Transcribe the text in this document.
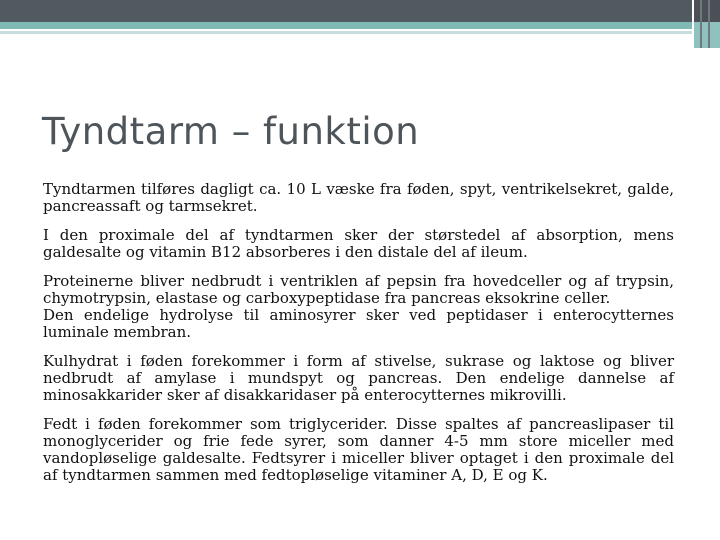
Tyndtarm – funktion

Tyndtarmen tilføres dagligt ca. 10 L væske fra føden, spyt, ventrikelsekret, galde, pancreassaft og tarmsekret.

I den proximale del af tyndtarmen sker der størstedel af absorption, mens galdesalte og vitamin B12 absorberes i den distale del af ileum.

Proteinerne bliver nedbrudt i ventriklen af pepsin fra hovedceller og af trypsin, chymotrypsin, elastase og carboxypeptidase fra pancreas eksokrine celler.
Den endelige hydrolyse til aminosyrer sker ved peptidaser i enterocytternes luminale membran.

Kulhydrat i føden forekommer i form af stivelse, sukrase og laktose og bliver nedbrudt af amylase i mundspyt og pancreas. Den endelige dannelse af minosakkarider sker af disakkaridaser på enterocytternes mikrovilli.

Fedt i føden forekommer som triglycerider. Disse spaltes af pancreaslipaser til monoglycerider og frie fede syrer, som danner 4-5 mm store miceller med vandopløselige galdesalte. Fedtsyrer i miceller bliver optaget i den proximale del af tyndtarmen sammen med fedtopløselige vitaminer A, D, E og K.
